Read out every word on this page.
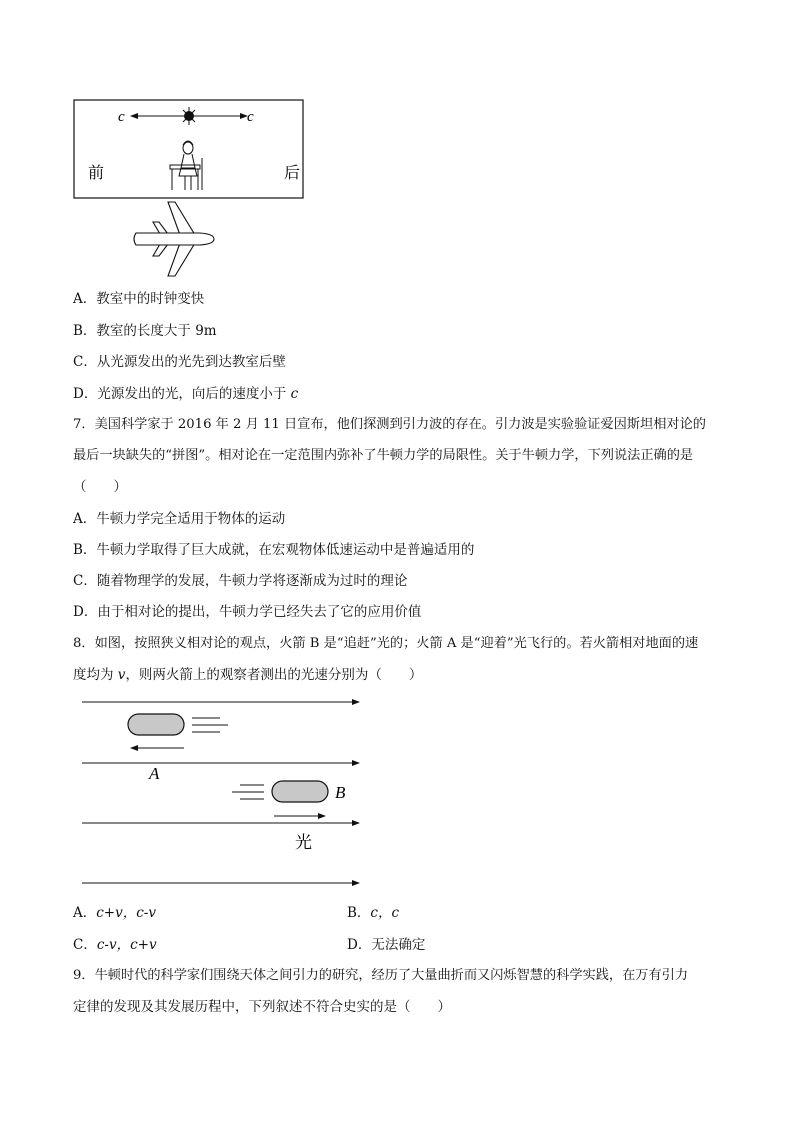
c	c
前	后
A．教室中的时钟变快
B．教室的长度大于 9m
C．从光源发出的光先到达教室后壁
D．光源发出的光，向后的速度小于 c
7．美国科学家于 2016 年 2 月 11 日宣布，他们探测到引力波的存在。引力波是实验验证爱因斯坦相对论的
最后一块缺失的“拼图”。相对论在一定范围内弥补了牛顿力学的局限性。关于牛顿力学，下列说法正确的是
（　　）
A．牛顿力学完全适用于物体的运动
B．牛顿力学取得了巨大成就，在宏观物体低速运动中是普遍适用的
C．随着物理学的发展，牛顿力学将逐渐成为过时的理论
D．由于相对论的提出，牛顿力学已经失去了它的应用价值
8．如图，按照狭义相对论的观点，火箭 B 是“追赶”光的；火箭 A 是“迎着”光飞行的。若火箭相对地面的速
度均为 v，则两火箭上的观察者测出的光速分别为（　　）
A
B
光
A．c+v，c-v	B．c，c
C．c-v，c+v	D．无法确定
9．牛顿时代的科学家们围绕天体之间引力的研究，经历了大量曲折而又闪烁智慧的科学实践，在万有引力
定律的发现及其发展历程中，下列叙述不符合史实的是（　　）
